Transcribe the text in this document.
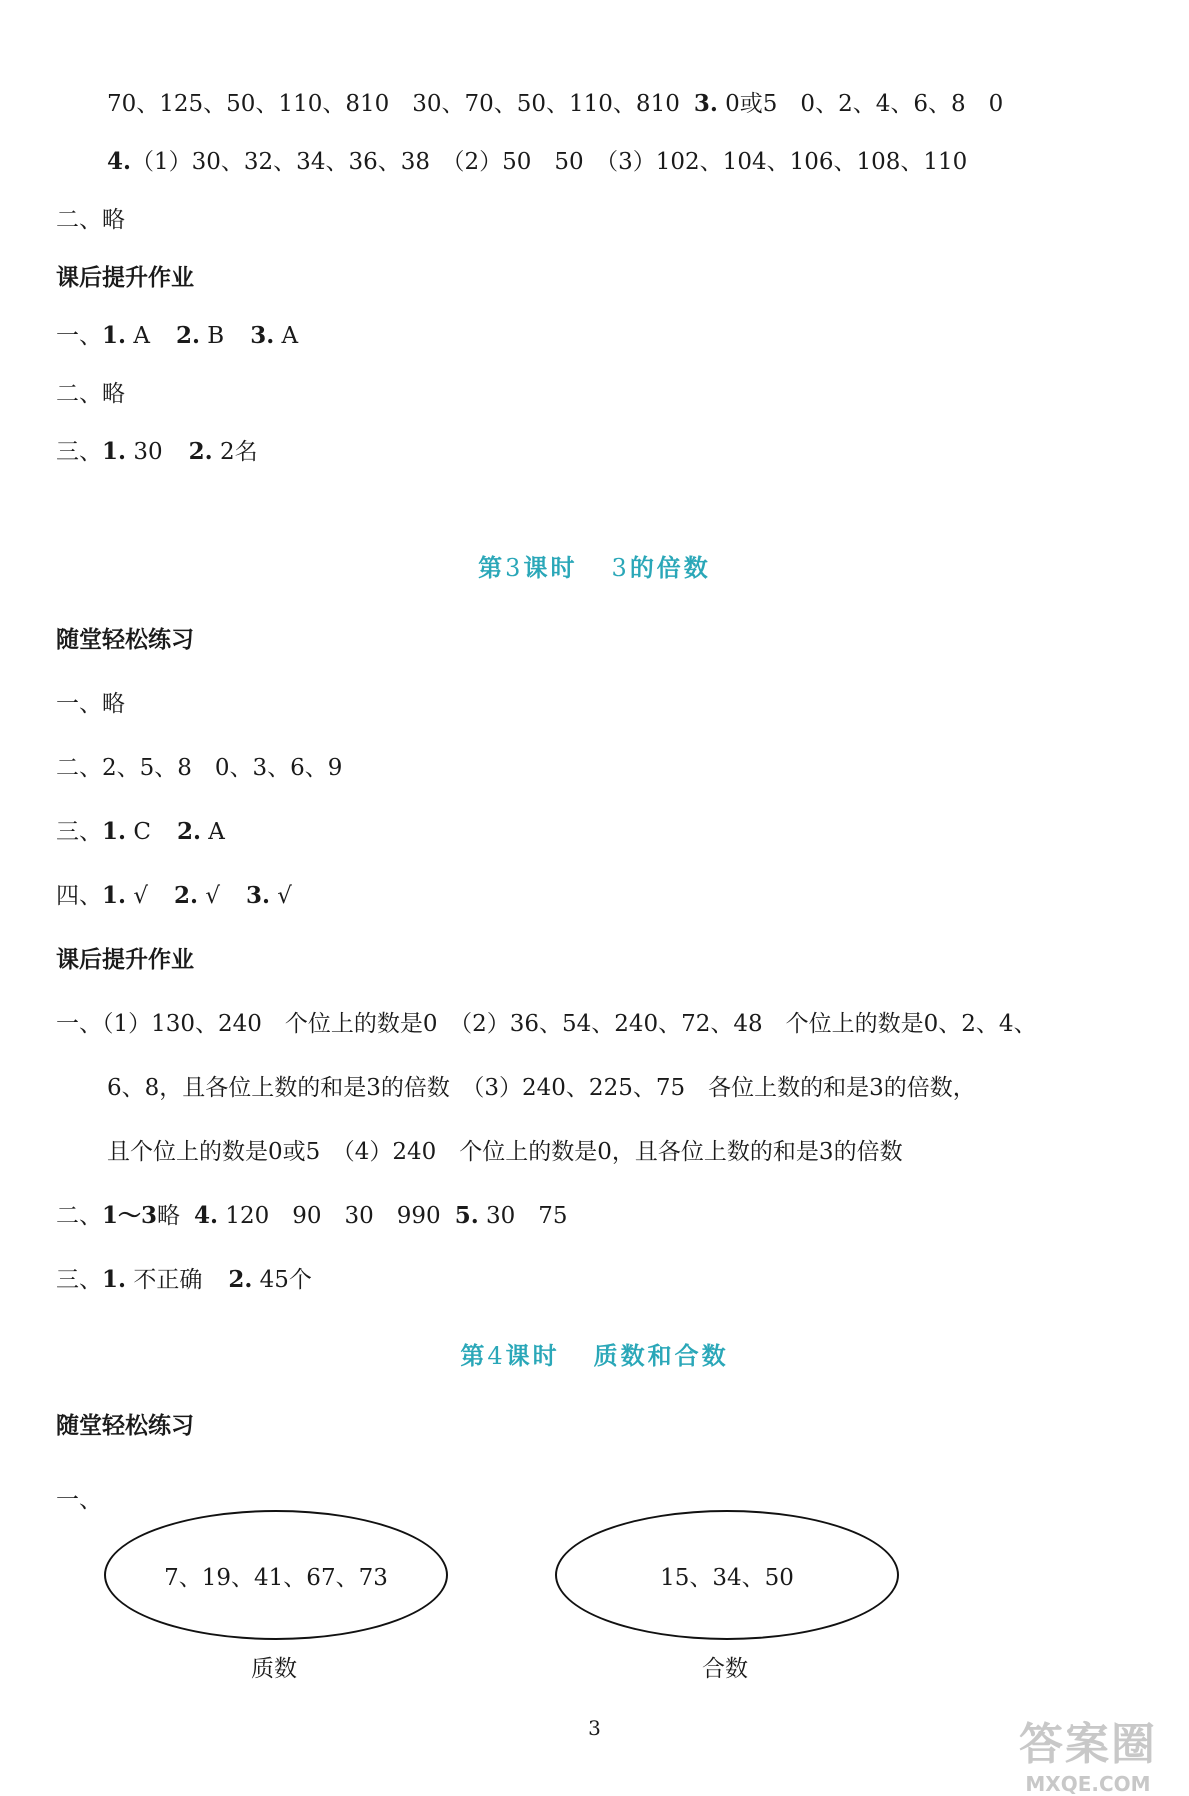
70、125、50、110、810　30、70、50、110、810 3. 0或5　0、2、4、6、8　0
4.（1）30、32、34、36、38　（2）50　50　（3）102、104、106、108、110
二、略
课后提升作业
一、1. A 2. B 3. A
二、略
三、1. 30 2. 2名
第3课时 3的倍数
随堂轻松练习
一、略
二、2、5、8　0、3、6、9
三、1. C 2. A
四、1. √ 2. √ 3. √
课后提升作业
一、（1）130、240　个位上的数是0　（2）36、54、240、72、48　个位上的数是0、2、4、
6、8，且各位上数的和是3的倍数　（3）240、225、75　各位上数的和是3的倍数，
且个位上的数是0或5　（4）240　个位上的数是0，且各位上数的和是3的倍数
二、1～3略 4. 120　90　30　990 5. 30　75
三、1. 不正确 2. 45个
第4课时 质数和合数
随堂轻松练习
一、
7、19、41、67、73
质数
15、34、50
合数
3	答案圈
MXQE.COM
